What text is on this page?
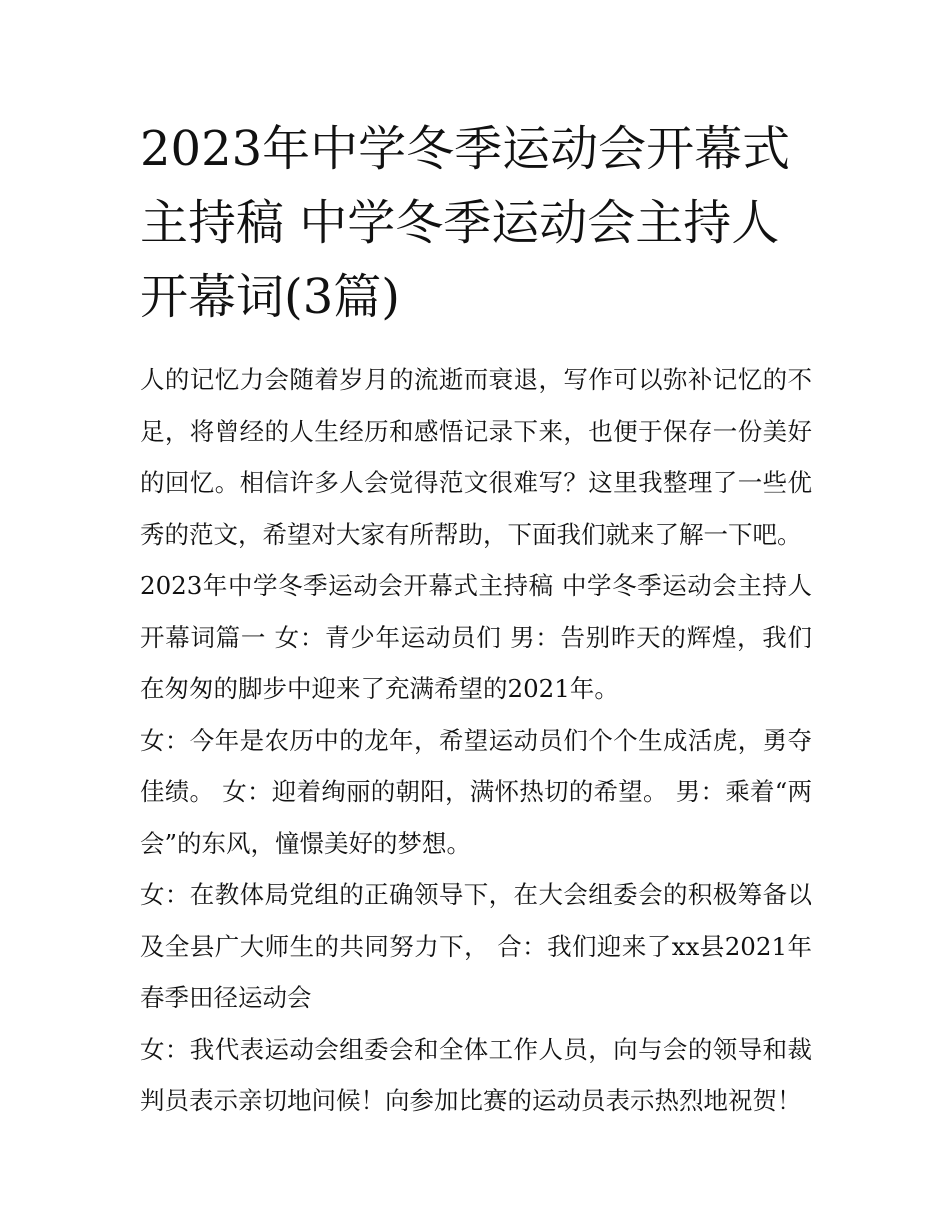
2023年中学冬季运动会开幕式主持稿 中学冬季运动会主持人开幕词(3篇)

人的记忆力会随着岁月的流逝而衰退，写作可以弥补记忆的不足，将曾经的人生经历和感悟记录下来，也便于保存一份美好的回忆。相信许多人会觉得范文很难写？这里我整理了一些优秀的范文，希望对大家有所帮助，下面我们就来了解一下吧。

2023年中学冬季运动会开幕式主持稿 中学冬季运动会主持人开幕词篇一 女：青少年运动员们 男：告别昨天的辉煌，我们在匆匆的脚步中迎来了充满希望的2021年。

女：今年是农历中的龙年，希望运动员们个个生成活虎，勇夺佳绩。 女：迎着绚丽的朝阳，满怀热切的希望。 男：乘着“两会”的东风，憧憬美好的梦想。

女：在教体局党组的正确领导下，在大会组委会的积极筹备以及全县广大师生的共同努力下， 合：我们迎来了xx县2021年春季田径运动会

女：我代表运动会组委会和全体工作人员，向与会的领导和裁判员表示亲切地问候！向参加比赛的运动员表示热烈地祝贺！
